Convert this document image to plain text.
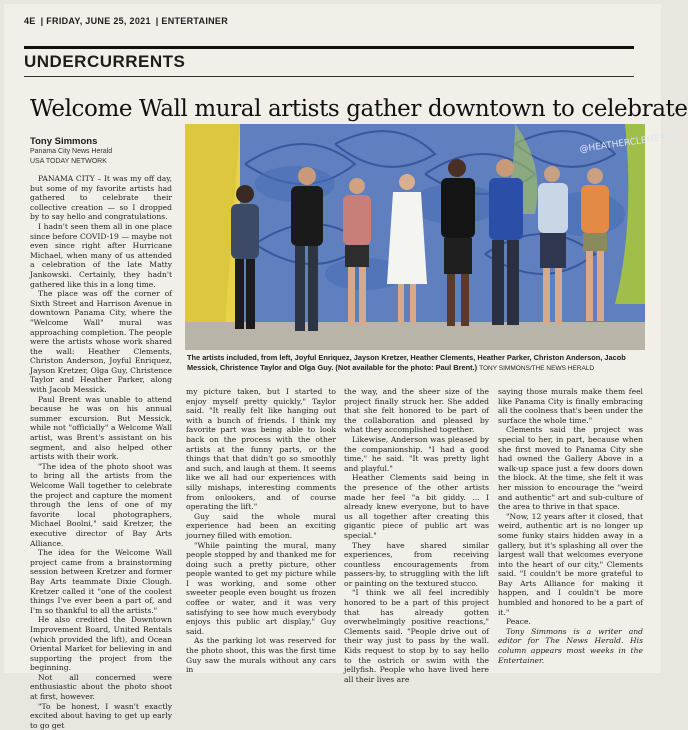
4E | FRIDAY, JUNE 25, 2021 | ENTERTAINER
UNDERCURRENTS
Welcome Wall mural artists gather downtown to celebrate
Tony Simmons
Panama City News Herald
USA TODAY NETWORK
@HEATHERCLEMENTS
The artists included, from left, Joyful Enriquez, Jayson Kretzer, Heather Clements, Heather Parker, Christon Anderson, Jacob Messick, Christence Taylor and Olga Guy. (Not available for the photo: Paul Brent.) TONY SIMMONS/THE NEWS HERALD

PANAMA CITY – It was my off day, but some of my favorite artists had gathered to celebrate their collective creation — so I dropped by to say hello and congratulations.

I hadn't seen them all in one place since before COVID-19 — maybe not even since right after Hurricane Michael, when many of us attended a celebration of the late Matty Jankowski. Certainly, they hadn't gathered like this in a long time.

The place was off the corner of Sixth Street and Harrison Avenue in downtown Panama City, where the "Welcome Wall" mural was approaching completion. The people were the artists whose work shared the wall: Heather Clements, Christon Anderson, Joyful Enriquez, Jayson Kretzer, Olga Guy, Christence Taylor and Heather Parker, along with Jacob Messick.

Paul Brent was unable to attend because he was on his annual summer excursion. But Messick, while not "officially" a Welcome Wall artist, was Brent's assistant on his segment, and also helped other artists with their work.

"The idea of the photo shoot was to bring all the artists from the Welcome Wall together to celebrate the project and capture the moment through the lens of one of my favorite local photographers, Michael Boolni," said Kretzer, the executive director of Bay Arts Alliance.

The idea for the Welcome Wall project came from a brainstorming session between Kretzer and former Bay Arts teammate Dixie Clough. Kretzer called it "one of the coolest things I've ever been a part of, and I'm so thankful to all the artists."

He also credited the Downtown Improvement Board, United Rentals (which provided the lift), and Ocean Oriental Market for believing in and supporting the project from the beginning.

Not all concerned were enthusiastic about the photo shoot at first, however.

"To be honest, I wasn't exactly excited about having to get up early to go get

my picture taken, but I started to enjoy myself pretty quickly," Taylor said. "It really felt like hanging out with a bunch of friends. I think my favorite part was being able to look back on the process with the other artists at the funny parts, or the things that that didn't go so smoothly and such, and laugh at them. It seems like we all had our experiences with silly mishaps, interesting comments from onlookers, and of course operating the lift."

Guy said the whole mural experience had been an exciting journey filled with emotion.

"While painting the mural, many people stopped by and thanked me for doing such a pretty picture, other people wanted to get my picture while I was working, and some other sweeter people even bought us frozen coffee or water, and it was very satisfying to see how much everybody enjoys this public art display," Guy said.

As the parking lot was reserved for the photo shoot, this was the first time Guy saw the murals without any cars in

the way, and the sheer size of the project finally struck her. She added that she felt honored to be part of the collaboration and pleased by what they accomplished together.

Likewise, Anderson was pleased by the companionship. "I had a good time," he said. "It was pretty light and playful."

Heather Clements said being in the presence of the other artists made her feel "a bit giddy. ... I already knew everyone, but to have us all together after creating this gigantic piece of public art was special."

They have shared similar experiences, from receiving countless encouragements from passers-by, to struggling with the lift or painting on the textured stucco.

"I think we all feel incredibly honored to be a part of this project that has already gotten overwhelmingly positive reactions," Clements said. "People drive out of their way just to pass by the wall. Kids request to stop by to say hello to the ostrich or swim with the jellyfish. People who have lived here all their lives are

saying those murals make them feel like Panama City is finally embracing all the coolness that's been under the surface the whole time."

Clements said the project was special to her, in part, because when she first moved to Panama City she had owned the Gallery Above in a walk-up space just a few doors down the block. At the time, she felt it was her mission to encourage the "weird and authentic" art and sub-culture of the area to thrive in that space.

"Now, 12 years after it closed, that weird, authentic art is no longer up some funky stairs hidden away in a gallery, but it's splashing all over the largest wall that welcomes everyone into the heart of our city," Clements said. "I couldn't be more grateful to Bay Arts Alliance for making it happen, and I couldn't be more humbled and honored to be a part of it."

Peace.

Tony Simmons is a writer and editor for The News Herald. His column appears most weeks in the Entertainer.
